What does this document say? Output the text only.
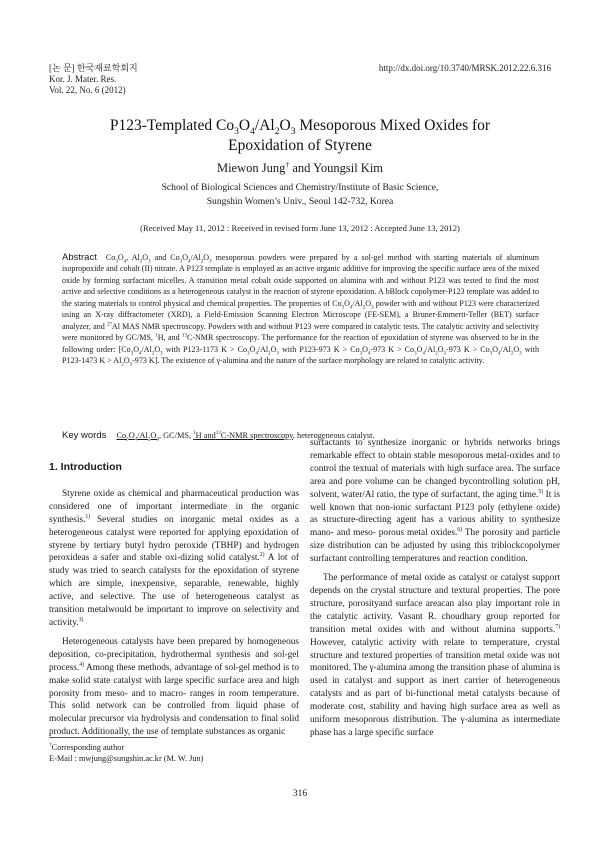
[논 문] 한국재료학회지
Kor. J. Mater. Res.
Vol. 22, No. 6 (2012)
http://dx.doi.org/10.3740/MRSK.2012.22.6.316
P123-Templated $Co_3O_4/Al_2O_3$ Mesoporous Mixed Oxides for
Epoxidation of Styrene
Miewon Jung† and Youngsil Kim
School of Biological Sciences and Chemistry/Institute of Basic Science,
Sungshin Women’s Univ., Seoul 142-732, Korea
(Received May 11, 2012 : Received in revised form June 13, 2012 : Accepted June 13, 2012)
Abstract $Co_3O_4$, $Al_2O_3$ and $Co_3O_4/Al_2O_3$ mesoporous powders were prepared by a sol-gel method with starting materials of aluminum isopropoxide and cobalt (II) nitrate. A P123 template is employed as an active organic additive for improving the specific surface area of the mixed oxide by forming surfactant micelles. A transition metal cobalt oxide supported on alumina with and without P123 was tested to find the most active and selective conditions as a heterogeneous catalyst in the reaction of styrene epoxidation. A bBlock copolymer-P123 template was added to the staring materials to control physical and chemical properties. The properties of $Co_3O_4/Al_2O_3$ powder with and without P123 were characterized using an X-ray diffractometer (XRD), a Field-Emission Scanning Electron Microscope (FE-SEM), a Bruner-Emmertt-Teller (BET) surface analyzer, and $^{27}$Al MAS NMR spectroscopy. Powders with and without P123 were compared in catalytic tests. The catalytic activity and selectivity were monitored by GC/MS, $^1$H, and $^{13}$C-NMR spectroscopy. The performance for the reaction of epoxidation of styrene was observed to be in the following order: [$Co_3O_4/Al_2O_3$ with P123-1173 $K > Co_3O_4/Al_2O_3$ with P123-973 $K > Co_3O_4-973$ $K > Co_3O_4/Al_2O_3-973$ $K > Co_3O_4/Al_2O_3$ with P123-1473 $K > Al_2O_3-973$ K]. The existence of γ-alumina and the nature of the surface morphology are related to catalytic activity.
Key words $Co_3O_4/Al_2O_3$, GC/MS, $^1$H and$^{13}$C-NMR spectroscopy, heterogeneous catalyst.
1. Introduction

Styrene oxide as chemical and pharmaceutical production was considered one of important intermediate in the organic synthesis.$^{1)}$ Several studies on inorganic metal oxides as a heterogeneous catalyst were reported for applying epoxidation of styrene by tertiary butyl hydro peroxide (TBHP) and hydrogen peroxideas a safer and stable oxi-dizing solid catalyst.$^{2)}$ A lot of study was tried to search catalysts for the epoxidation of styrene which are simple, inexpensive, separable, renewable, highly active, and selective. The use of heterogeneous catalyst as transition metalwould be important to improve on selectivity and activity.$^{3)}$

Heterogeneous catalysts have been prepared by homogeneous deposition, co-precipitation, hydrothermal synthesis and sol-gel process.$^{4)}$ Among these methods, advantage of sol-gel method is to make solid state catalyst with large specific surface area and high porosity from meso- and to macro- ranges in room temperature. This solid network can be controlled from liquid phase of molecular precursor via hydrolysis and condensation to final solid product. Additionally, the use of template substances as organic

surfactants to synthesize inorganic or hybrids networks brings remarkable effect to obtain stable mesoporous metal-oxides and to control the textual of materials with high surface area. The surface area and pore volume can be changed bycontrolling solution pH, solvent, water/Al ratio, the type of surfactant, the aging time.$^{5)}$ It is well known that non-ionic surfactant P123 poly (ethylene oxide) as structure-directing agent has a various ability to synthesize mano- and meso- porous metal oxides.$^{6)}$ The porosity and particle size distribution can be adjusted by using this triblockcopolymer surfactant controlling temperatures and reaction condition.

The performance of metal oxide as catalyst or catalyst support depends on the crystal structure and textural properties. The pore structure, porosityand surface areacan also play important role in the catalytic activity. Vasant R. choudhary group reported for transition metal oxides with and without alumina supports.$^{7)}$ However, catalytic activity with relate to temperature, crystal structure and textured properties of transition metal oxide was not monitored. The γ-alumina among the transition phase of alumina is used in catalyst and support as inert carrier of heterogeneous catalysts and as part of bi-functional metal catalysts because of moderate cost, stability and having high surface area as well as uniform mesoporous distribution. The γ-alumina as intermediate phase has a large specific surface

†Corresponding author
E-Mail : mwjung@sungshin.ac.kr (M. W. Jun)
316
